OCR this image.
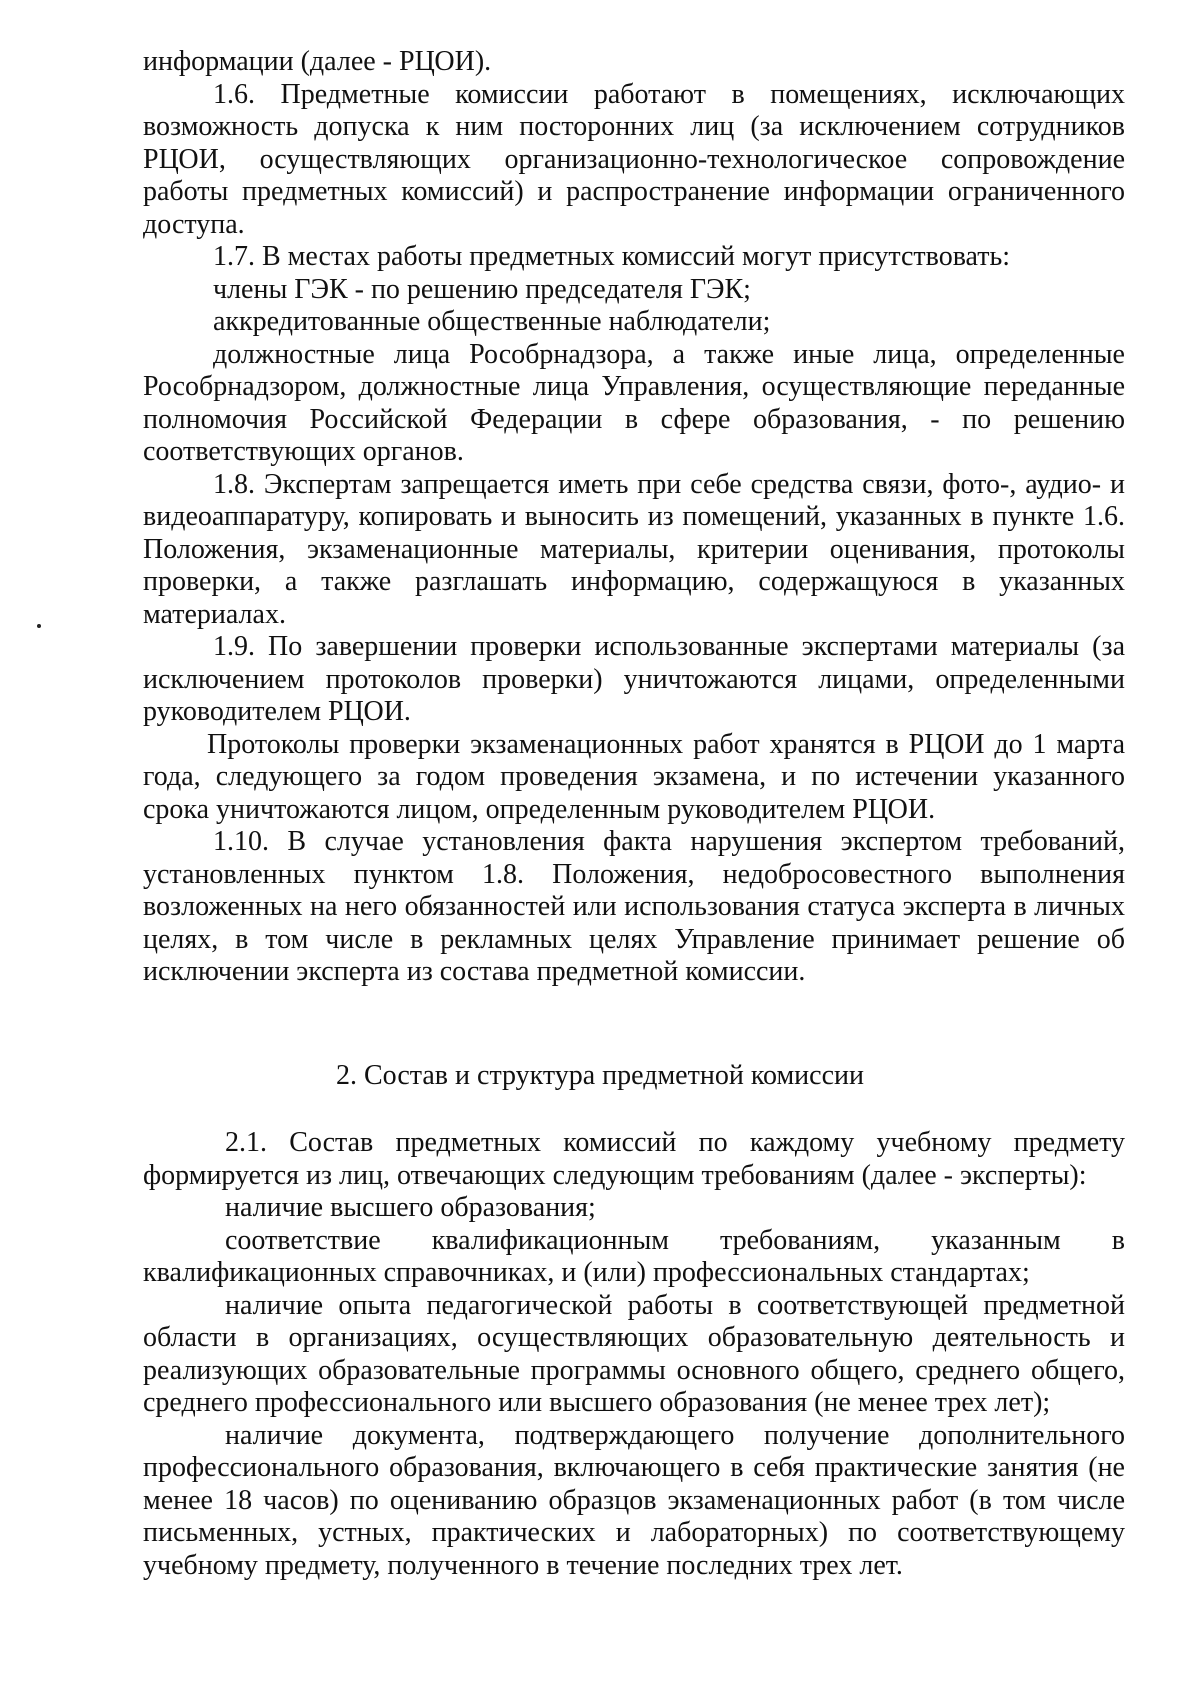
информации (далее - РЦОИ).

1.6. Предметные комиссии работают в помещениях, исключающих возможность допуска к ним посторонних лиц (за исключением сотрудников РЦОИ, осуществляющих организационно-технологическое сопровождение работы предметных комиссий) и распространение информации ограниченного доступа.

1.7. В местах работы предметных комиссий могут присутствовать:

члены ГЭК - по решению председателя ГЭК;

аккредитованные общественные наблюдатели;

должностные лица Рособрнадзора, а также иные лица, определенные Рособрнадзором, должностные лица Управления, осуществляющие переданные полномочия Российской Федерации в сфере образования, - по решению соответствующих органов.

1.8. Экспертам запрещается иметь при себе средства связи, фото-, аудио- и видеоаппаратуру, копировать и выносить из помещений, указанных в пункте 1.6. Положения, экзаменационные материалы, критерии оценивания, протоколы проверки, а также разглашать информацию, содержащуюся в указанных материалах.

1.9. По завершении проверки использованные экспертами материалы (за исключением протоколов проверки) уничтожаются лицами, определенными руководителем РЦОИ.

Протоколы проверки экзаменационных работ хранятся в РЦОИ до 1 марта года, следующего за годом проведения экзамена, и по истечении указанного срока уничтожаются лицом, определенным руководителем РЦОИ.

1.10. В случае установления факта нарушения экспертом требований, установленных пунктом 1.8. Положения, недобросовестного выполнения возложенных на него обязанностей или использования статуса эксперта в личных целях, в том числе в рекламных целях Управление принимает решение об исключении эксперта из состава предметной комиссии.

2. Состав и структура предметной комиссии

2.1. Состав предметных комиссий по каждому учебному предмету формируется из лиц, отвечающих следующим требованиям (далее - эксперты):

наличие высшего образования;

соответствие квалификационным требованиям, указанным в квалификационных справочниках, и (или) профессиональных стандартах;

наличие опыта педагогической работы в соответствующей предметной области в организациях, осуществляющих образовательную деятельность и реализующих образовательные программы основного общего, среднего общего, среднего профессионального или высшего образования (не менее трех лет);

наличие документа, подтверждающего получение дополнительного профессионального образования, включающего в себя практические занятия (не менее 18 часов) по оцениванию образцов экзаменационных работ (в том числе письменных, устных, практических и лабораторных) по соответствующему учебному предмету, полученного в течение последних трех лет.
